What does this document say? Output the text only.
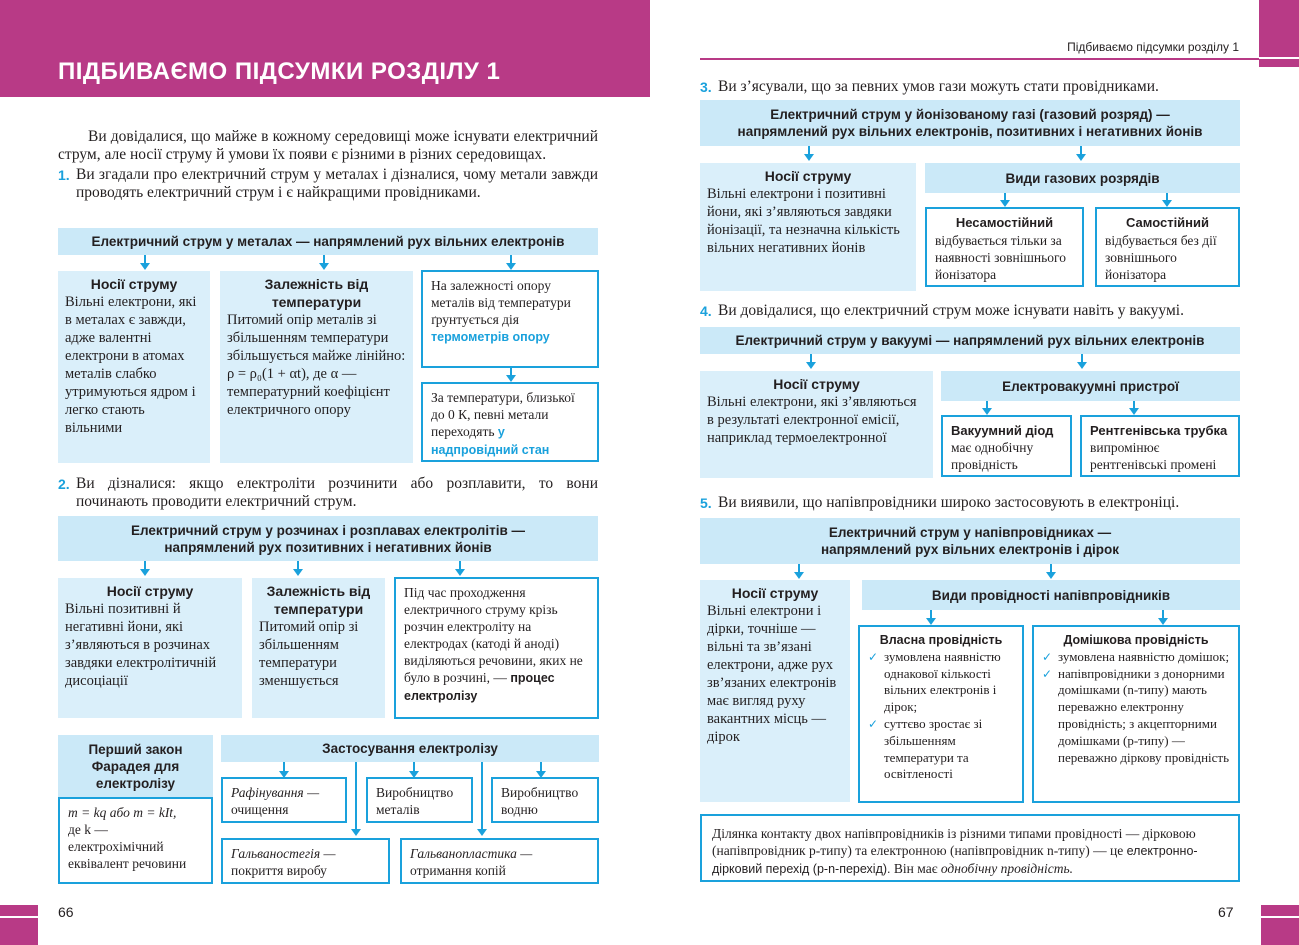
ПІДБИВАЄМО ПІДСУМКИ РОЗДІЛУ 1
Ви довідалися, що майже в кожному середовищі може існувати електричний струм, але носії струму й умови їх появи є різними в різних середовищах.
1. Ви згадали про електричний струм у металах і дізналися, чому метали завжди проводять електричний струм і є найкращими провідниками.
Електричний струм у металах — напрямлений рух вільних електронів
Носії струму
Вільні електрони, які в металах є завжди, адже валентні електрони в атомах металів слабко утримуються ядром і легко стають вільними
Залежність від температури
Питомий опір металів зі збільшенням температури збільшується майже лінійно: ρ = ρ₀(1 + αt), де α — температурний коефіцієнт електричного опору
На залежності опору металів від температури ґрунтується дія термометрів опору
За температури, близької до 0 К, певні метали переходять у надпровідний стан
2. Ви дізналися: якщо електроліти розчинити або розплавити, то вони починають проводити електричний струм.
Електричний струм у розчинах і розплавах електролітів —
напрямлений рух позитивних і негативних йонів
Носії струму
Вільні позитивні й негативні йони, які з’являються в розчинах завдяки електролітичній дисоціації
Залежність від температури
Питомий опір зі збільшенням температури зменшується
Під час проходження електричного струму крізь розчин електроліту на електродах (катоді й аноді) виділяються речовини, яких не було в розчині, — процес електролізу
Перший закон Фарадея для електролізу
m = kq або m = kIt,
де k — електрохімічний еквівалент речовини
Застосування електролізу
Рафінування —
очищення
Виробництво металів
Виробництво водню
Гальваностегія —
покриття виробу
Гальванопластика —
отримання копій
66
Підбиваємо підсумки розділу 1
3. Ви з’ясували, що за певних умов гази можуть стати провідниками.
Електричний струм у йонізованому газі (газовий розряд) —
напрямлений рух вільних електронів, позитивних і негативних йонів
Носії струму
Вільні електрони і позитивні йони, які з’являються завдяки йонізації, та незначна кількість вільних негативних йонів
Види газових розрядів
Несамостійний
відбувається тільки за наявності зовнішнього йонізатора
Самостійний
відбувається без дії зовнішнього йонізатора
4. Ви довідалися, що електричний струм може існувати навіть у вакуумі.
Електричний струм у вакуумі — напрямлений рух вільних електронів
Носії струму
Вільні електрони, які з’являються в результаті електронної емісії, наприклад термоелектронної
Електровакуумні пристрої
Вакуумний діод
має однобічну провідність
Рентгенівська трубка
випромінює рентгенівські промені
5. Ви виявили, що напівпровідники широко застосовують в електроніці.
Електричний струм у напівпровідниках —
напрямлений рух вільних електронів і дірок
Носії струму
Вільні електрони і дірки, точніше — вільні та зв’язані електрони, адже рух зв’язаних електронів має вигляд руху вакантних місць — дірок
Види провідності напівпровідників
Власна провідність
✓ зумовлена наявністю однакової кількості вільних електронів і дірок;
✓ суттєво зростає зі збільшенням температури та освітленості
Домішкова провідність
✓ зумовлена наявністю домішок;
✓ напівпровідники з донорними домішками (n-типу) мають переважно електронну провідність; з акцепторними домішками (p-типу) — переважно діркову провідність
Ділянка контакту двох напівпровідників із різними типами провідності — дірковою (напівпровідник p-типу) та електронною (напівпровідник n-типу) — це електронно-дірковий перехід (p-n-перехід). Він має однобічну провідність.
67
